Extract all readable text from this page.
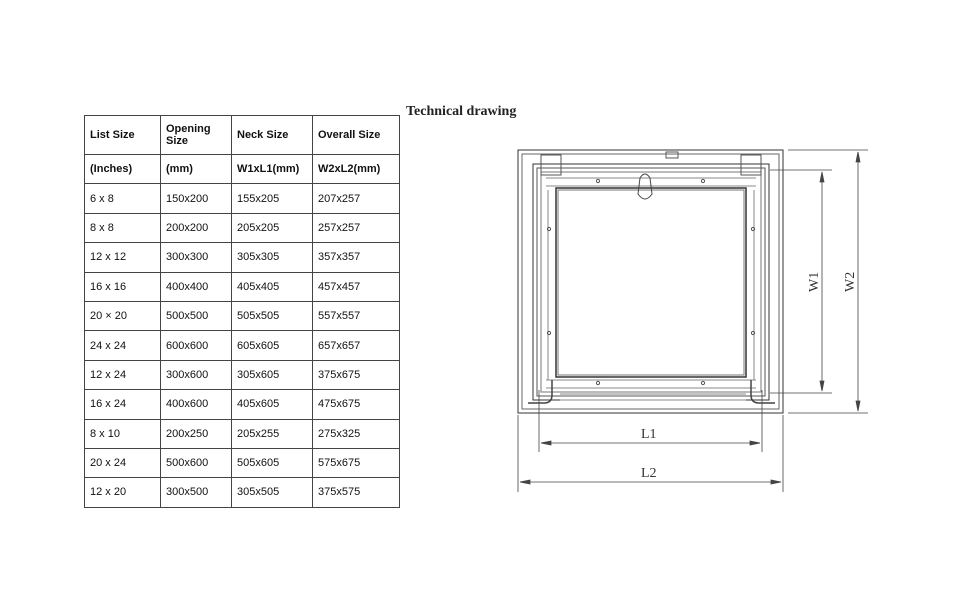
List Size	Opening Size	Neck Size	Overall Size
(Inches)	(mm)	W1xL1(mm)	W2xL2(mm)
6 x 8	150x200	155x205	207x257
8 x 8	200x200	205x205	257x257
12 x 12	300x300	305x305	357x357
16 x 16	400x400	405x405	457x457
20 × 20	500x500	505x505	557x557
24 x 24	600x600	605x605	657x657
12 x 24	300x600	305x605	375x675
16 x 24	400x600	405x605	475x675
8 x 10	200x250	205x255	275x325
20 x 24	500x600	505x605	575x675
12 x 20	300x500	305x505	375x575
Technical drawing
L1
L2
W1 W2
